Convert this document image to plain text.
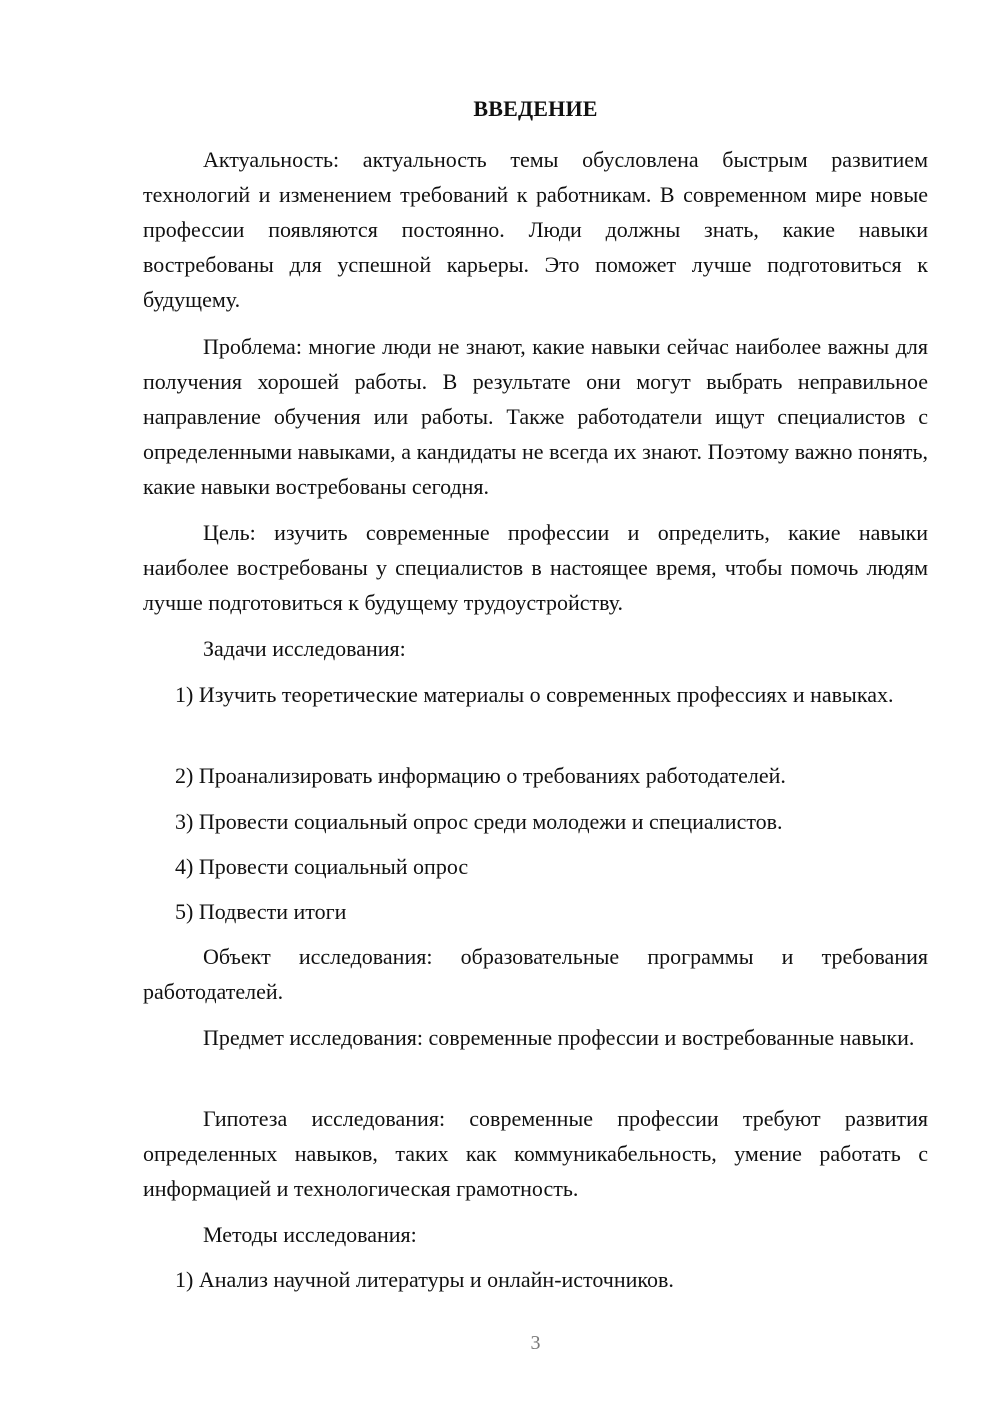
ВВЕДЕНИЕ

Актуальность: актуальность темы обусловлена быстрым развитием технологий и изменением требований к работникам. В современном мире новые профессии появляются постоянно. Люди должны знать, какие навыки востребованы для успешной карьеры. Это поможет лучше подготовиться к будущему.

Проблема: многие люди не знают, какие навыки сейчас наиболее важны для получения хорошей работы. В результате они могут выбрать неправильное направление обучения или работы. Также работодатели ищут специалистов с определенными навыками, а кандидаты не всегда их знают. Поэтому важно понять, какие навыки востребованы сегодня.

Цель: изучить современные профессии и определить, какие навыки наиболее востребованы у специалистов в настоящее время, чтобы помочь людям лучше подготовиться к будущему трудоустройству.

Задачи исследования:

1) Изучить теоретические материалы о современных профессиях и навыках.

2) Проанализировать информацию о требованиях работодателей.

3) Провести социальный опрос среди молодежи и специалистов.

4) Провести социальный опрос

5) Подвести итоги

Объект исследования: образовательные программы и требования работодателей.

Предмет исследования: современные профессии и востребованные навыки.

Гипотеза исследования: современные профессии требуют развития определенных навыков, таких как коммуникабельность, умение работать с информацией и технологическая грамотность.

Методы исследования:

1) Анализ научной литературы и онлайн-источников.

3
